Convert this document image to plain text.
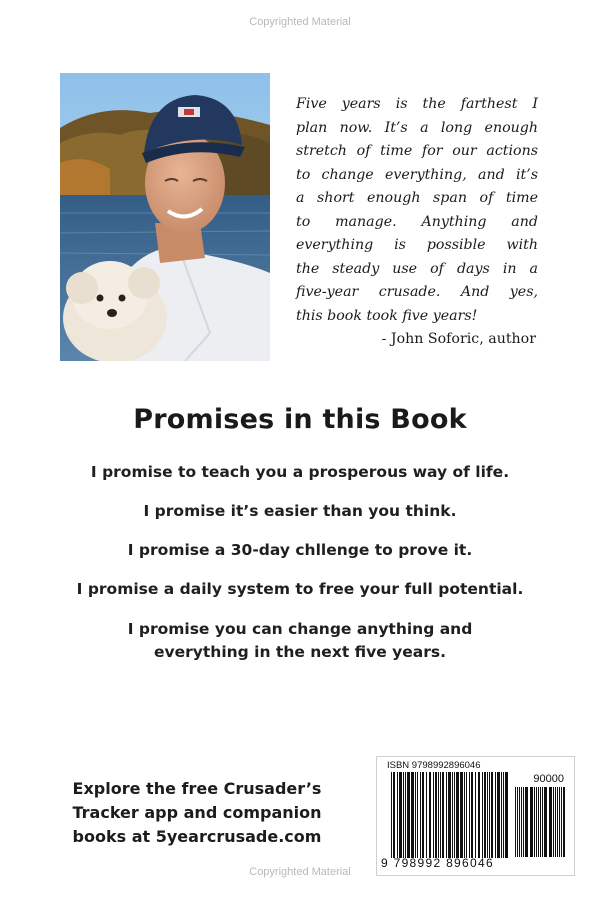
Copyrighted Material
Five years is the farthest I
plan now. It’s a long enough
stretch of time for our actions
to change everything, and it’s
a short enough span of time
to manage. Anything and
everything is possible with
the steady use of days in a
five-year crusade. And yes,
this book took five years!
- John Soforic, author
Promises in this Book
I promise to teach you a prosperous way of life.
I promise it’s easier than you think.
I promise a 30-day chllenge to prove it.
I promise a daily system to free your full potential.
I promise you can change anything and
everything in the next five years.
Explore the free Crusader’s
Tracker app and companion
books at 5yearcrusade.com
ISBN 9798992896046
90000
9 798992 896046
Copyrighted Material
